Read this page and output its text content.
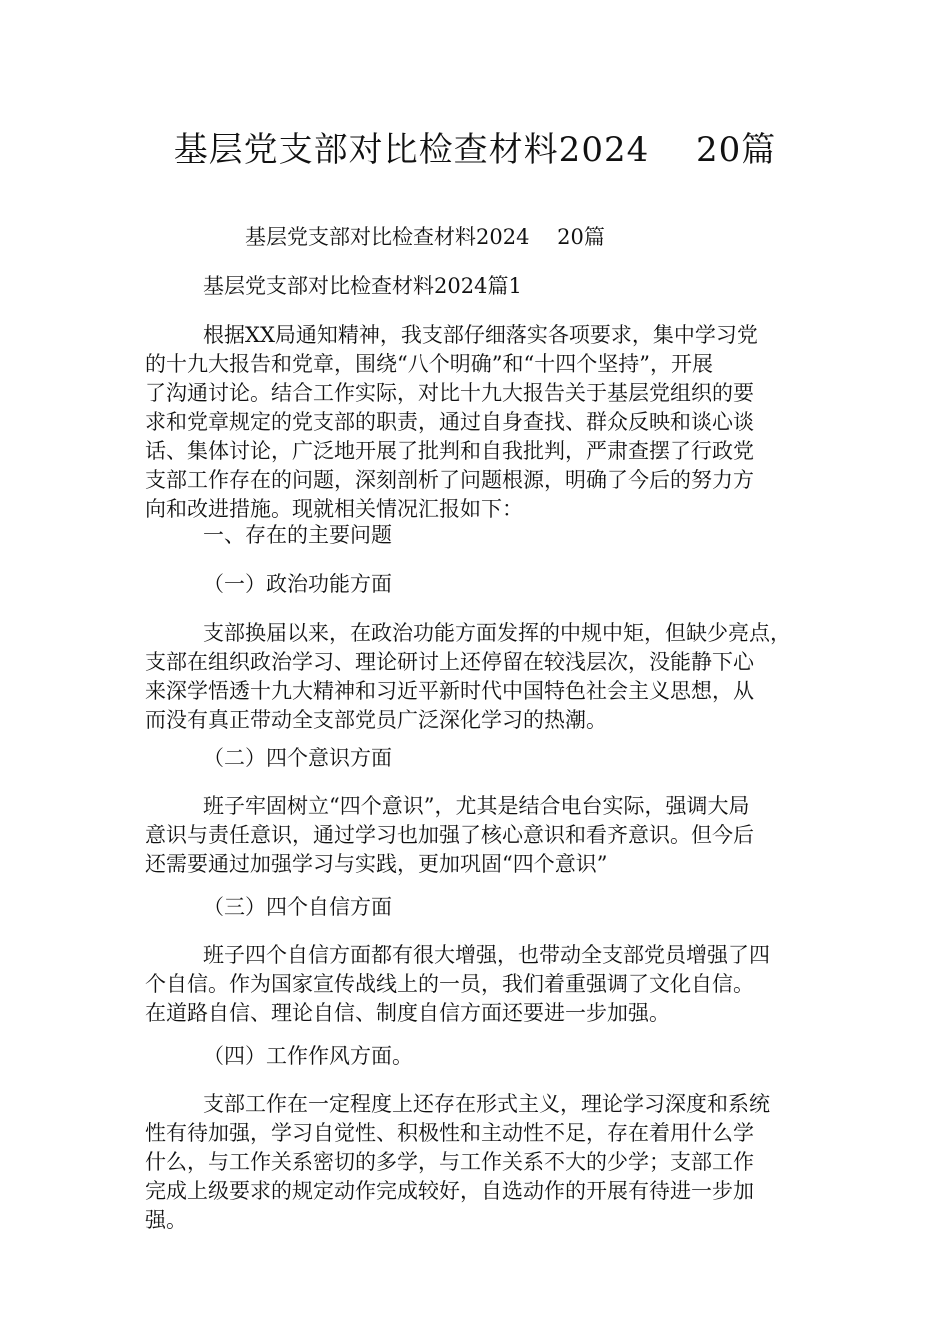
基层党支部对比检查材料2024　 20篇
基层党支部对比检查材料2024　 20篇
基层党支部对比检查材料2024篇1
根据XX局通知精神，我支部仔细落实各项要求，集中学习党
的十九大报告和党章，围绕“八个明确”和“十四个坚持”，开展
了沟通讨论。结合工作实际，对比十九大报告关于基层党组织的要
求和党章规定的党支部的职责，通过自身查找、群众反映和谈心谈
话、集体讨论，广泛地开展了批判和自我批判，严肃查摆了行政党
支部工作存在的问题，深刻剖析了问题根源，明确了今后的努力方
向和改进措施。现就相关情况汇报如下：
一、存在的主要问题
（一）政治功能方面
支部换届以来，在政治功能方面发挥的中规中矩，但缺少亮点，
支部在组织政治学习、理论研讨上还停留在较浅层次，没能静下心
来深学悟透十九大精神和习近平新时代中国特色社会主义思想，从
而没有真正带动全支部党员广泛深化学习的热潮。
（二）四个意识方面
班子牢固树立“四个意识”，尤其是结合电台实际，强调大局
意识与责任意识，通过学习也加强了核心意识和看齐意识。但今后
还需要通过加强学习与实践，更加巩固“四个意识”
（三）四个自信方面
班子四个自信方面都有很大增强，也带动全支部党员增强了四
个自信。作为国家宣传战线上的一员，我们着重强调了文化自信。
在道路自信、理论自信、制度自信方面还要进一步加强。
（四）工作作风方面。
支部工作在一定程度上还存在形式主义，理论学习深度和系统
性有待加强，学习自觉性、积极性和主动性不足，存在着用什么学
什么，与工作关系密切的多学，与工作关系不大的少学；支部工作
完成上级要求的规定动作完成较好，自选动作的开展有待进一步加
强。
